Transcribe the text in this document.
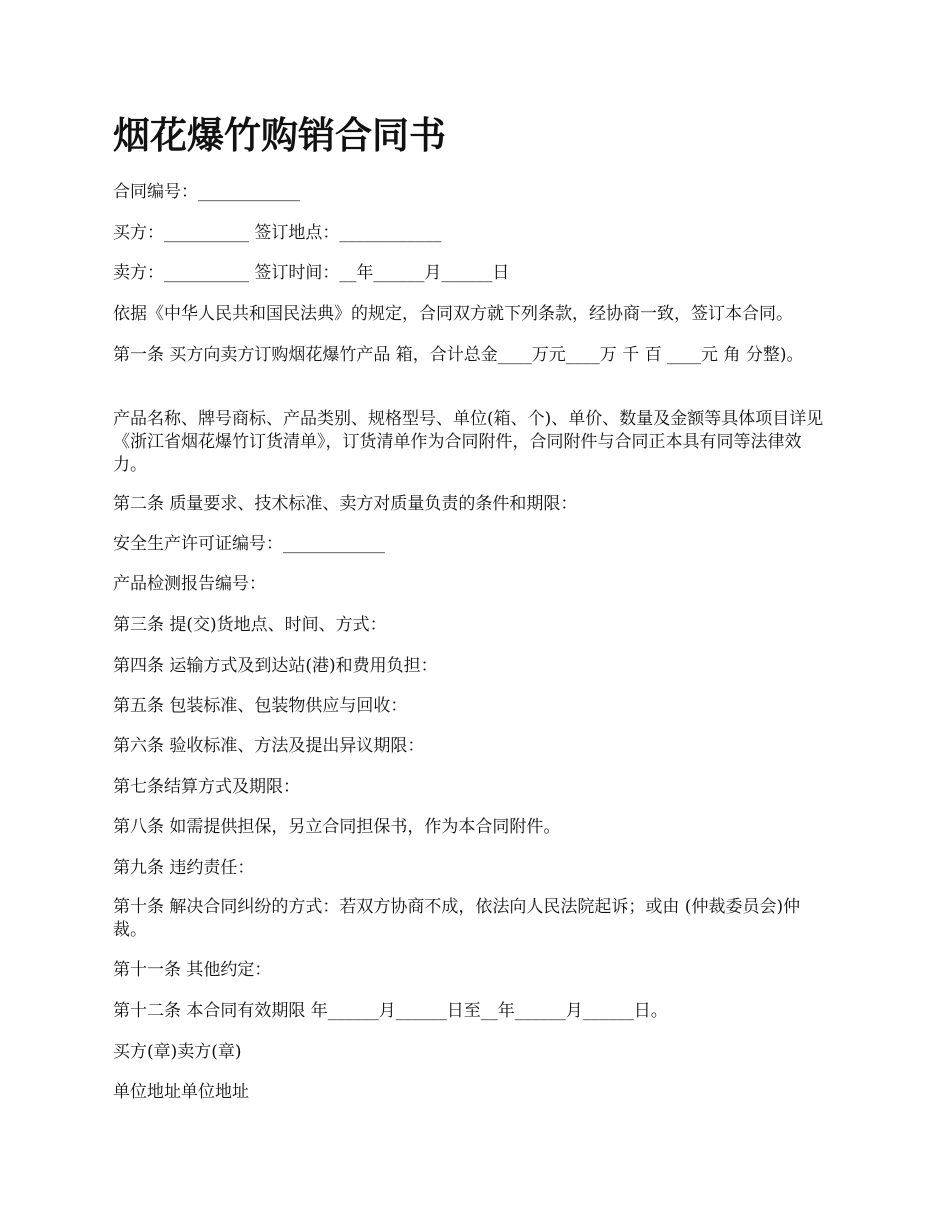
烟花爆竹购销合同书

合同编号：____________

买方：__________ 签订地点：____________

卖方：__________ 签订时间：__年______月______日

依据《中华人民共和国民法典》的规定，合同双方就下列条款，经协商一致，签订本合同。

第一条 买方向卖方订购烟花爆竹产品 箱，合计总金____万元____万 千 百 ____元 角 分整)。

产品名称、牌号商标、产品类别、规格型号、单位(箱、个)、单价、数量及金额等具体项目详见《浙江省烟花爆竹订货清单》，订货清单作为合同附件，合同附件与合同正本具有同等法律效力。

第二条 质量要求、技术标准、卖方对质量负责的条件和期限：

安全生产许可证编号：____________

产品检测报告编号：

第三条 提(交)货地点、时间、方式：

第四条 运输方式及到达站(港)和费用负担：

第五条 包装标准、包装物供应与回收：

第六条 验收标准、方法及提出异议期限：

第七条结算方式及期限：

第八条 如需提供担保，另立合同担保书，作为本合同附件。

第九条 违约责任：

第十条 解决合同纠纷的方式：若双方协商不成，依法向人民法院起诉；或由 (仲裁委员会)仲裁。

第十一条 其他约定：

第十二条 本合同有效期限 年______月______日至__年______月______日。

买方(章)卖方(章)

单位地址单位地址
